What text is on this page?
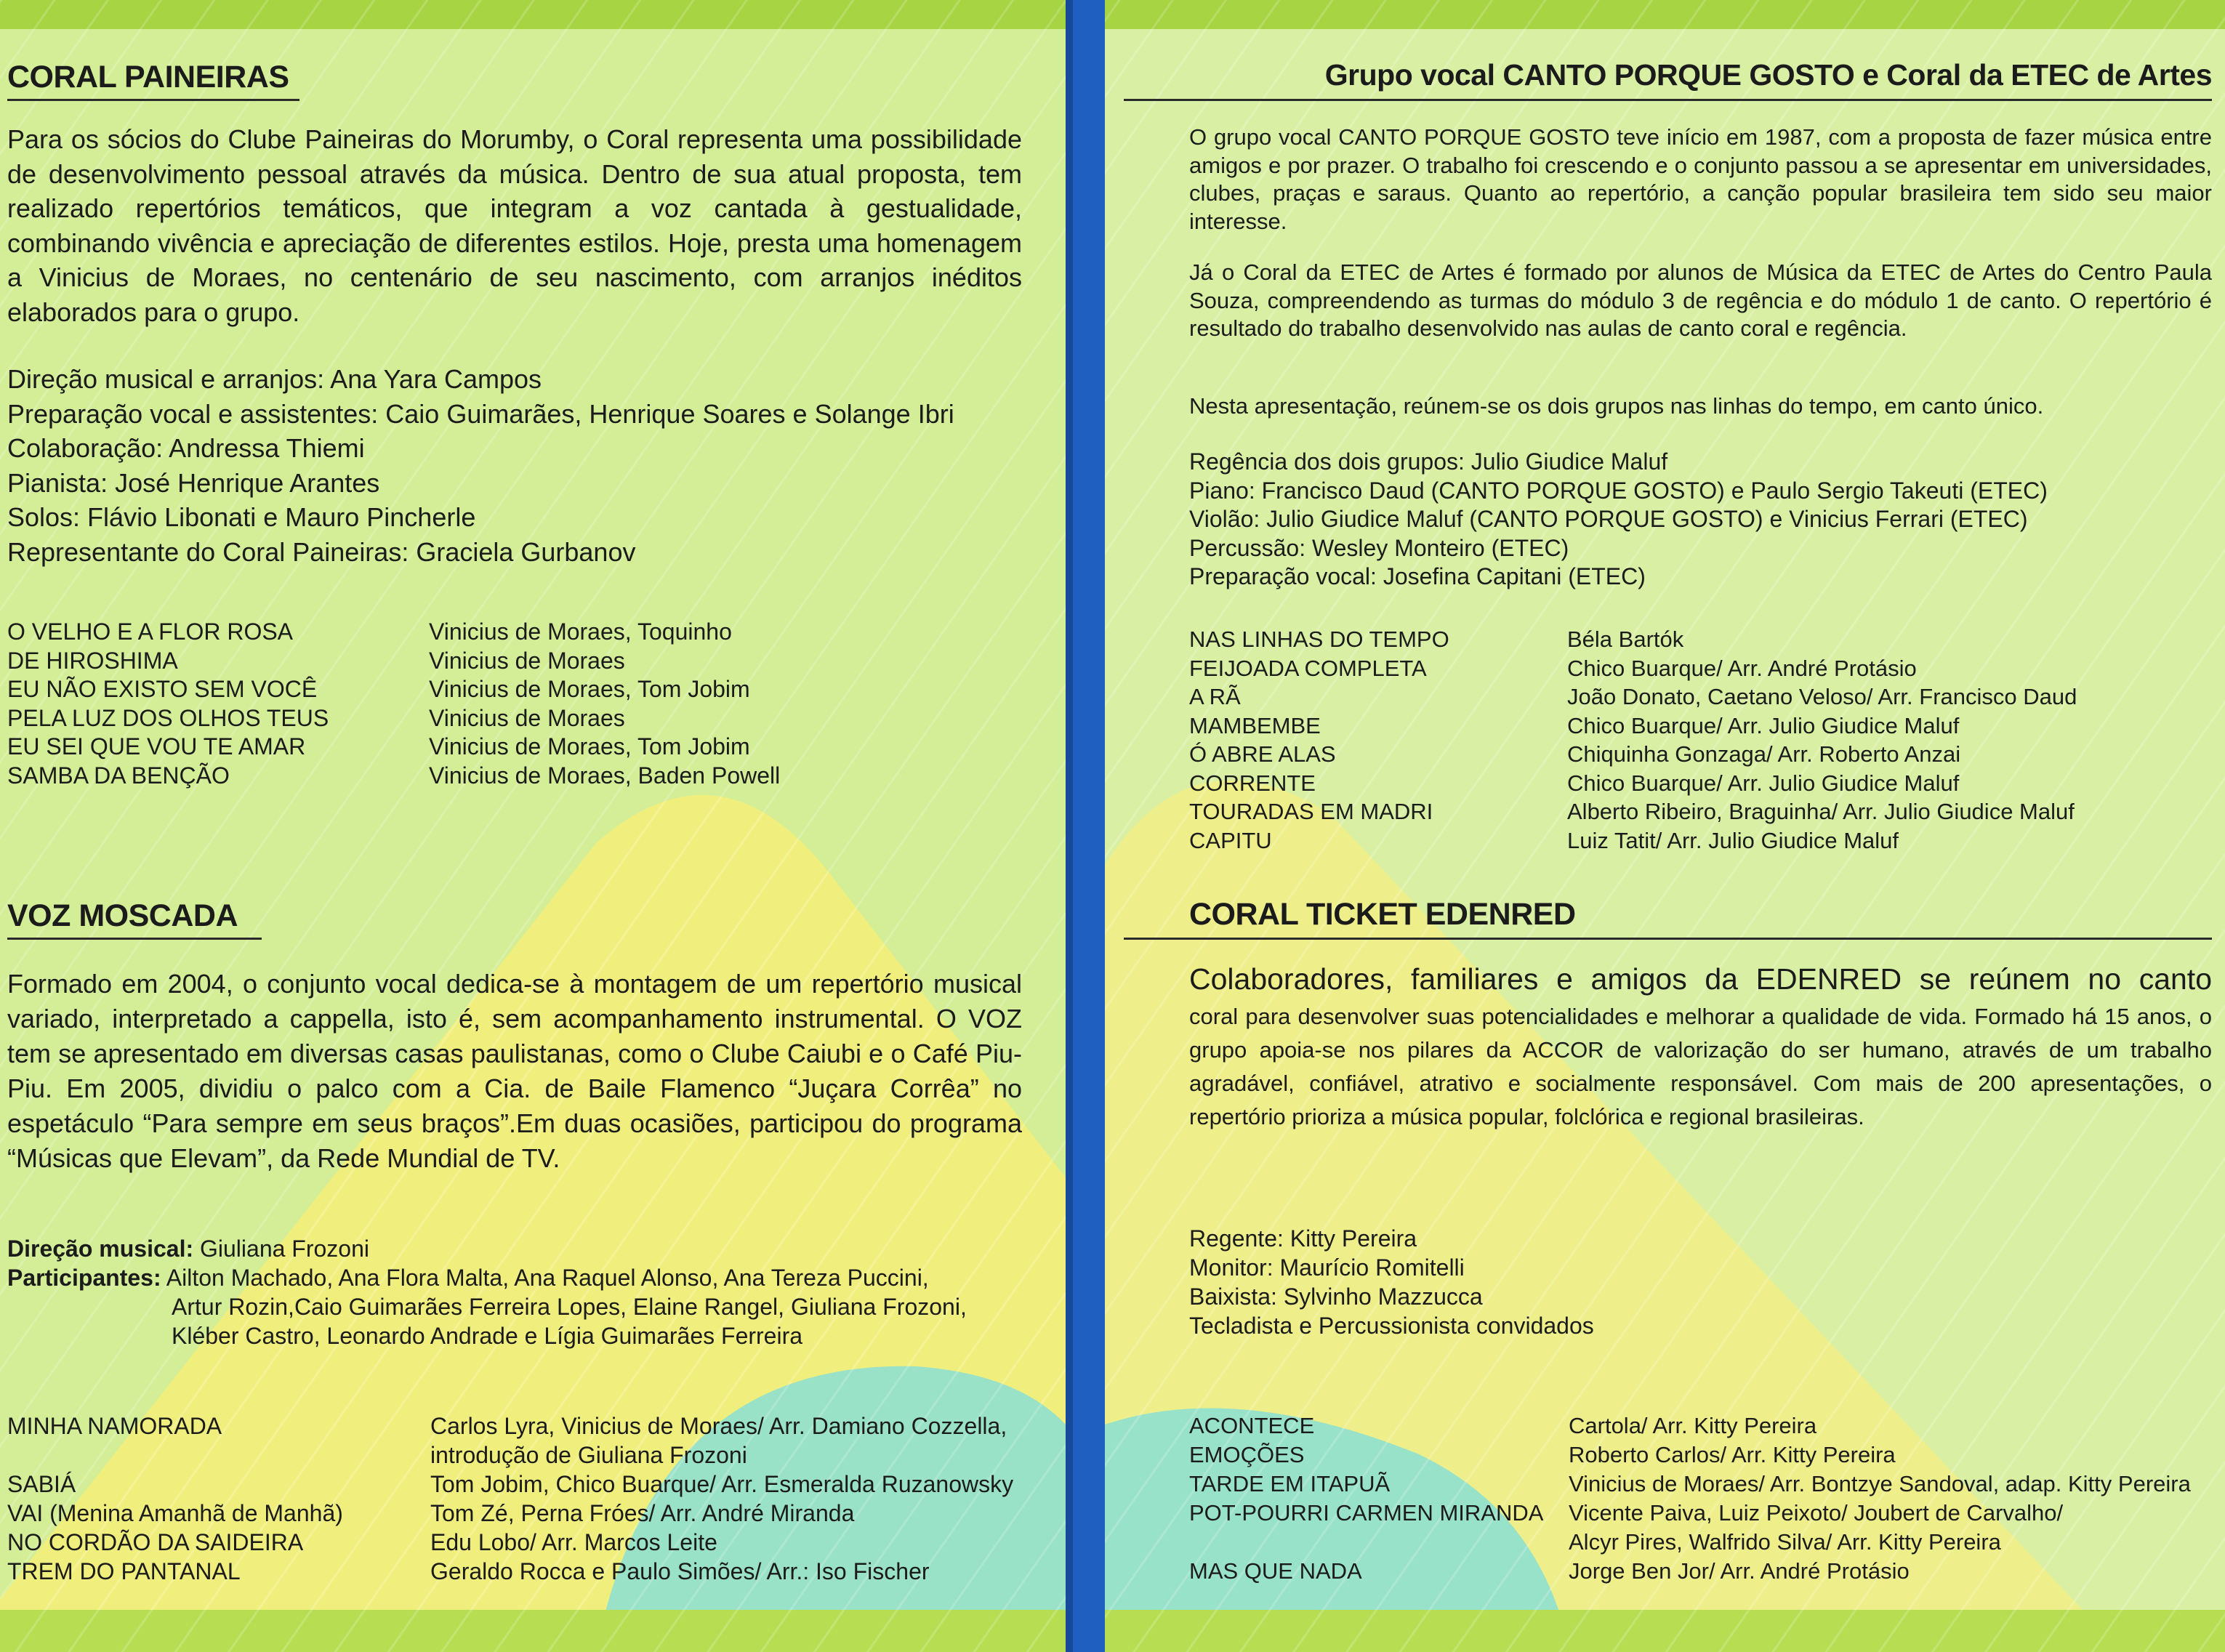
CORAL PAINEIRAS

Para os sócios do Clube Paineiras do Morumby, o Coral representa uma possibilidade de desenvolvimento pessoal através da música. Dentro de sua atual proposta, tem realizado repertórios temáticos, que integram a voz cantada à gestualidade, combinando vivência e apreciação de diferentes estilos. Hoje, presta uma homenagem a Vinicius de Moraes, no centenário de seu nascimento, com arranjos inéditos elaborados para o grupo.

Direção musical e arranjos: Ana Yara Campos
Preparação vocal e assistentes: Caio Guimarães, Henrique Soares e Solange Ibri
Colaboração: Andressa Thiemi
Pianista: José Henrique Arantes
Solos: Flávio Libonati e Mauro Pincherle
Representante do Coral Paineiras: Graciela Gurbanov
O VELHO E A FLOR ROSA	Vinicius de Moraes, Toquinho
DE HIROSHIMA	Vinicius de Moraes
EU NÃO EXISTO SEM VOCÊ	Vinicius de Moraes, Tom Jobim
PELA LUZ DOS OLHOS TEUS	Vinicius de Moraes
EU SEI QUE VOU TE AMAR	Vinicius de Moraes, Tom Jobim
SAMBA DA BENÇÃO	Vinicius de Moraes, Baden Powell
VOZ MOSCADA

Formado em 2004, o conjunto vocal dedica-se à montagem de um repertório musical variado, interpretado a cappella, isto é, sem acompanhamento instrumental. O VOZ tem se apresentado em diversas casas paulistanas, como o Clube Caiubi e o Café Piu-Piu. Em 2005, dividiu o palco com a Cia. de Baile Flamenco “Juçara Corrêa” no espetáculo “Para sempre em seus braços”.Em duas ocasiões, participou do programa “Músicas que Elevam”, da Rede Mundial de TV.

Direção musical: Giuliana Frozoni
Participantes: Ailton Machado, Ana Flora Malta, Ana Raquel Alonso, Ana Tereza Puccini,
Artur Rozin,Caio Guimarães Ferreira Lopes, Elaine Rangel, Giuliana Frozoni,
Kléber Castro, Leonardo Andrade e Lígia Guimarães Ferreira
MINHA NAMORADA	Carlos Lyra, Vinicius de Moraes/ Arr. Damiano Cozzella,
introdução de Giuliana Frozoni
SABIÁ	Tom Jobim, Chico Buarque/ Arr. Esmeralda Ruzanowsky
VAI (Menina Amanhã de Manhã)	Tom Zé, Perna Fróes/ Arr. André Miranda
NO CORDÃO DA SAIDEIRA	Edu Lobo/ Arr. Marcos Leite
TREM DO PANTANAL	Geraldo Rocca e Paulo Simões/ Arr.: Iso Fischer
Grupo vocal CANTO PORQUE GOSTO e Coral da ETEC de Artes

O grupo vocal CANTO PORQUE GOSTO teve início em 1987, com a proposta de fazer música entre amigos e por prazer. O trabalho foi crescendo e o conjunto passou a se apresentar em universidades, clubes, praças e saraus. Quanto ao repertório, a canção popular brasileira tem sido seu maior interesse.

Já o Coral da ETEC de Artes é formado por alunos de Música da ETEC de Artes do Centro Paula Souza, compreendendo as turmas do módulo 3 de regência e do módulo 1 de canto. O repertório é resultado do trabalho desenvolvido nas aulas de canto coral e regência.

Nesta apresentação, reúnem-se os dois grupos nas linhas do tempo, em canto único.

Regência dos dois grupos: Julio Giudice Maluf
Piano: Francisco Daud (CANTO PORQUE GOSTO) e Paulo Sergio Takeuti (ETEC)
Violão: Julio Giudice Maluf (CANTO PORQUE GOSTO) e Vinicius Ferrari (ETEC)
Percussão: Wesley Monteiro (ETEC)
Preparação vocal: Josefina Capitani (ETEC)
NAS LINHAS DO TEMPO	Béla Bartók
FEIJOADA COMPLETA	Chico Buarque/ Arr. André Protásio
A RÃ	João Donato, Caetano Veloso/ Arr. Francisco Daud
MAMBEMBE	Chico Buarque/ Arr. Julio Giudice Maluf
Ó ABRE ALAS	Chiquinha Gonzaga/ Arr. Roberto Anzai
CORRENTE	Chico Buarque/ Arr. Julio Giudice Maluf
TOURADAS EM MADRI	Alberto Ribeiro, Braguinha/ Arr. Julio Giudice Maluf
CAPITU	Luiz Tatit/ Arr. Julio Giudice Maluf
CORAL TICKET EDENRED
Colaboradores, familiares e amigos da EDENRED se reúnem no canto

coral para desenvolver suas potencialidades e melhorar a qualidade de vida. Formado há 15 anos, o grupo apoia-se nos pilares da ACCOR de valorização do ser humano, através de um trabalho agradável, confiável, atrativo e socialmente responsável. Com mais de 200 apresentações, o repertório prioriza a música popular, folclórica e regional brasileiras.

Regente: Kitty Pereira
Monitor: Maurício Romitelli
Baixista: Sylvinho Mazzucca
Tecladista e Percussionista convidados
ACONTECE	Cartola/ Arr. Kitty Pereira
EMOÇÕES	Roberto Carlos/ Arr. Kitty Pereira
TARDE EM ITAPUÃ	Vinicius de Moraes/ Arr. Bontzye Sandoval, adap. Kitty Pereira
POT-POURRI CARMEN MIRANDA	Vicente Paiva, Luiz Peixoto/ Joubert de Carvalho/
Alcyr Pires, Walfrido Silva/ Arr. Kitty Pereira
MAS QUE NADA	Jorge Ben Jor/ Arr. André Protásio
